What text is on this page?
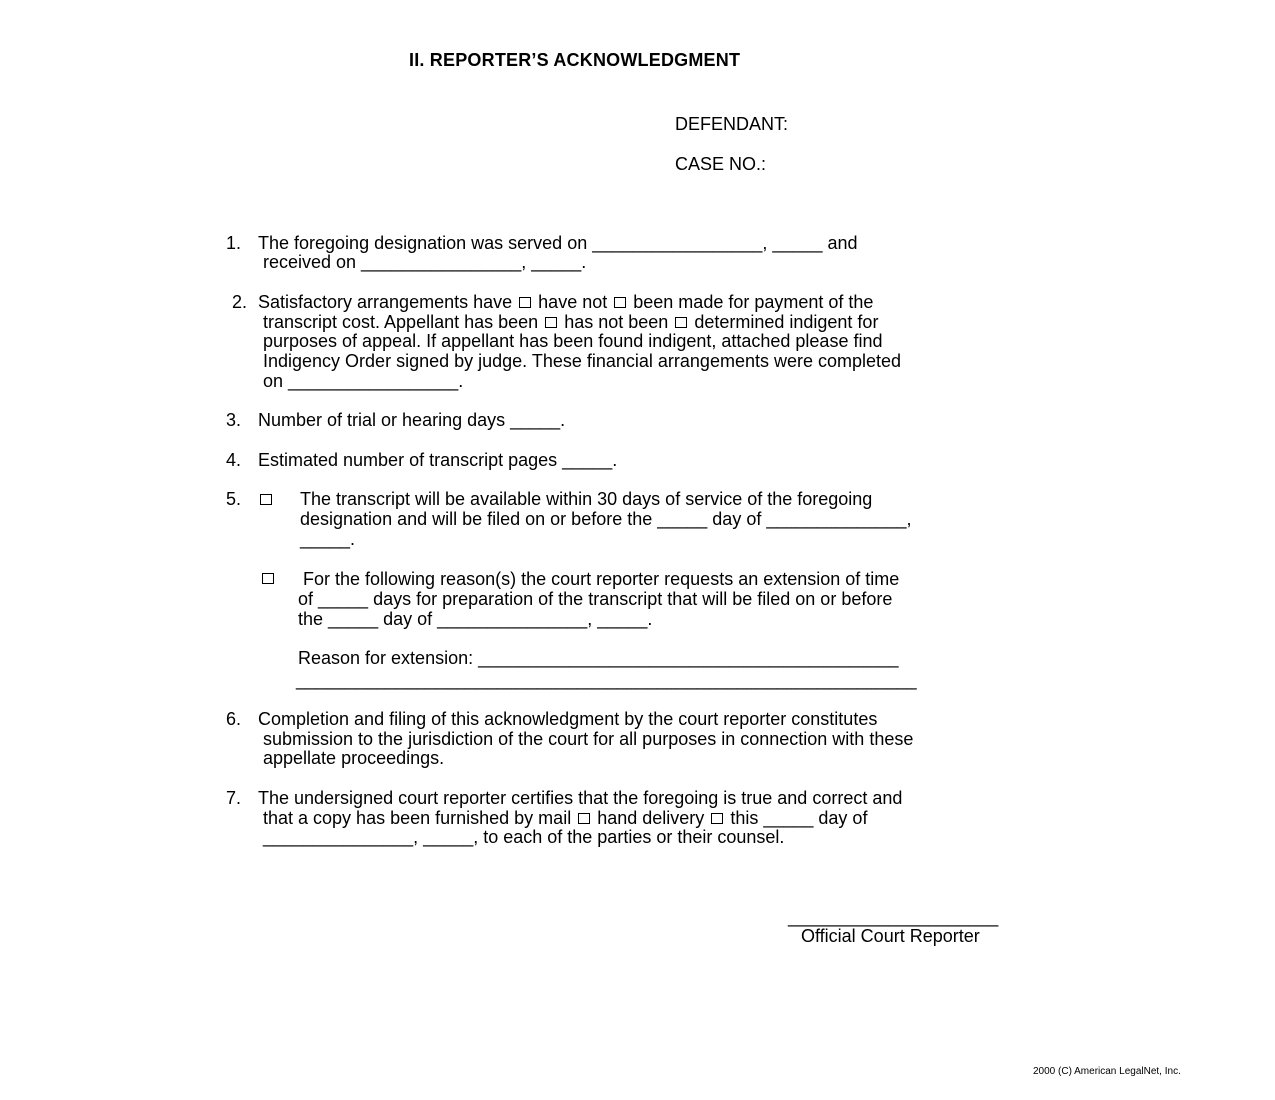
II. REPORTER’S ACKNOWLEDGMENT
DEFENDANT:
CASE NO.:
1. The foregoing designation was served on _________________, _____ and
received on ________________, _____.
2. Satisfactory arrangements have have not been made for payment of the
transcript cost. Appellant has been has not been determined indigent for
purposes of appeal. If appellant has been found indigent, attached please find
Indigency Order signed by judge. These financial arrangements were completed
on _________________.
3. Number of trial or hearing days _____.
4. Estimated number of transcript pages _____.
5.	The transcript will be available within 30 days of service of the foregoing
designation and will be filed on or before the _____ day of ______________,
_____.
For the following reason(s) the court reporter requests an extension of time
of _____ days for preparation of the transcript that will be filed on or before
the _____ day of _______________, _____.
Reason for extension: __________________________________________
______________________________________________________________
6. Completion and filing of this acknowledgment by the court reporter constitutes
submission to the jurisdiction of the court for all purposes in connection with these
appellate proceedings.
7. The undersigned court reporter certifies that the foregoing is true and correct and
that a copy has been furnished by mail hand delivery this _____ day of
_______________, _____, to each of the parties or their counsel.
_____________________
Official Court Reporter
2000 (C) American LegalNet, Inc.
